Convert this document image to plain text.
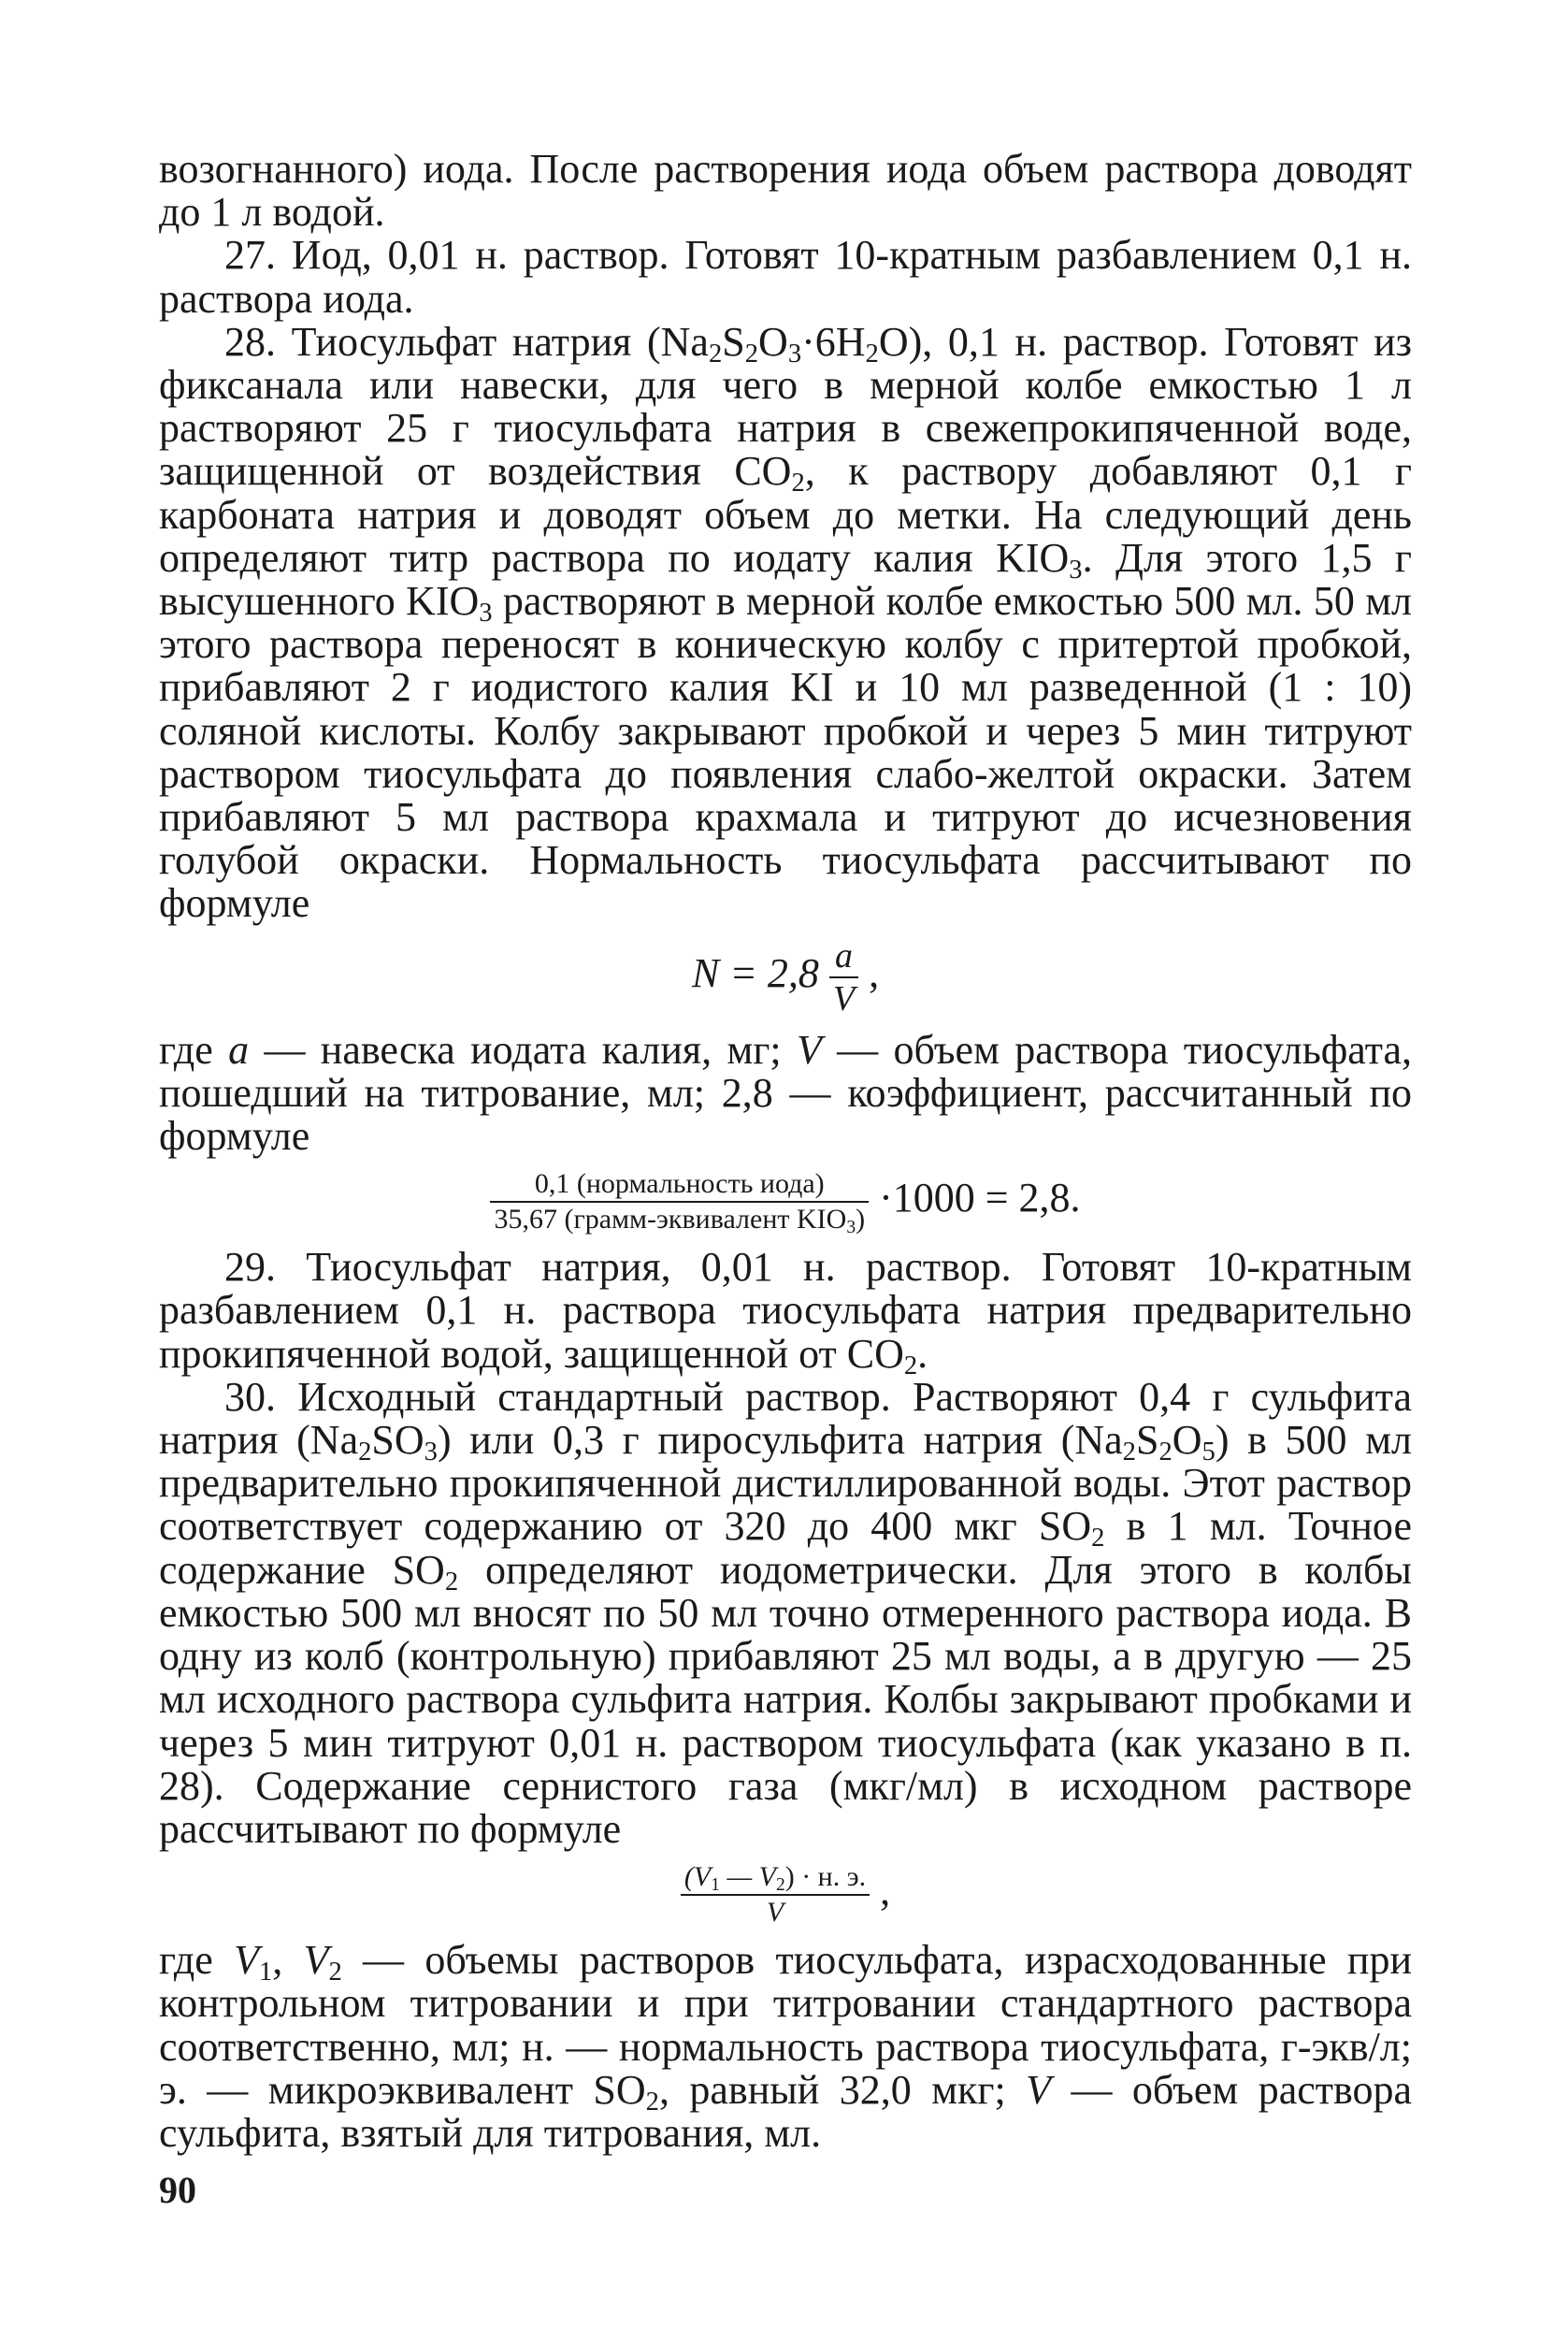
возогнанного) иода. После растворения иода объем раствора доводят до 1 л водой.

27. Иод, 0,01 н. раствор. Готовят 10-кратным разбавлением 0,1 н. раствора иода.

28. Тиосульфат натрия $(Na_2S_2O_3\cdot 6H_2O)$, 0,1 н. раствор. Готовят из фиксанала или навески, для чего в мерной колбе емкостью 1 л растворяют 25 г тиосульфата натрия в свежепрокипяченной воде, защищенной от воздействия $CO_2$, к раствору добавляют 0,1 г карбоната натрия и доводят объем до метки. На следующий день определяют титр раствора по иодату калия $KIO_3$. Для этого 1,5 г высушенного $KIO_3$ растворяют в мерной колбе емкостью 500 мл. 50 мл этого раствора переносят в коническую колбу с притертой пробкой, прибавляют 2 г иодистого калия KI и 10 мл разведенной (1 : 10) соляной кислоты. Колбу закрывают пробкой и через 5 мин титруют раствором тиосульфата до появления слабо-желтой окраски. Затем прибавляют 5 мл раствора крахмала и титруют до исчезновения голубой окраски. Нормальность тиосульфата рассчитывают по формуле

$N = 2,8 \frac{a}{V}$ ,

где a — навеска иодата калия, мг; V — объем раствора тиосульфата, пошедший на титрование, мл; 2,8 — коэффициент, рассчитанный по формуле

$\frac{\text{0,1 (нормальность иода)}}{35,67 (грамм-эквивалент KIO_3)} \cdot 1000 = 2,8$.

29. Тиосульфат натрия, 0,01 н. раствор. Готовят 10-кратным разбавлением 0,1 н. раствора тиосульфата натрия предварительно прокипяченной водой, защищенной от $CO_2$.

30. Исходный стандартный раствор. Растворяют 0,4 г сульфита натрия $(Na_2SO_3)$ или 0,3 г пиросульфита натрия $(Na_2S_2O_5)$ в 500 мл предварительно прокипяченной дистиллированной воды. Этот раствор соответствует содержанию от 320 до 400 мкг $SO_2$ в 1 мл. Точное содержание $SO_2$ определяют иодометрически. Для этого в колбы емкостью 500 мл вносят по 50 мл точно отмеренного раствора иода. В одну из колб (контрольную) прибавляют 25 мл воды, а в другую — 25 мл исходного раствора сульфита натрия. Колбы закрывают пробками и через 5 мин титруют 0,01 н. раствором тиосульфата (как указано в п. 28). Содержание сернистого газа (мкг/мл) в исходном растворе рассчитывают по формуле

$\frac{(V_1 — V_2) \cdot н. э.}{V}$ ,

где $V_1$, $V_2$ — объемы растворов тиосульфата, израсходованные при контрольном титровании и при титровании стандартного раствора соответственно, мл; н. — нормальность раствора тиосульфата, г-экв/л; э. — микроэквивалент $SO_2$, равный 32,0 мкг; V — объем раствора сульфита, взятый для титрования, мл.

90
